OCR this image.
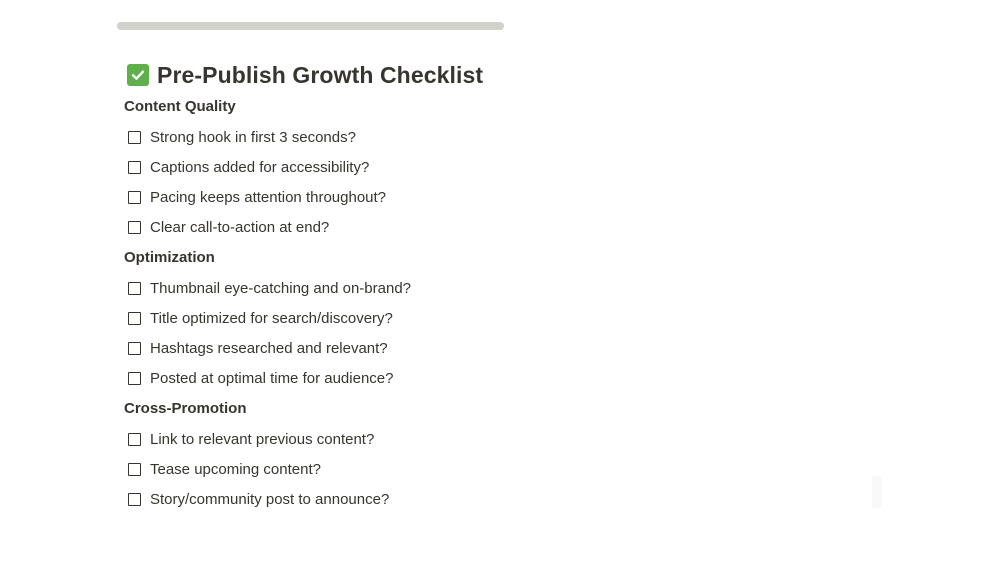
Pre-Publish Growth Checklist
Content Quality
Strong hook in first 3 seconds?
Captions added for accessibility?
Pacing keeps attention throughout?
Clear call-to-action at end?
Optimization
Thumbnail eye-catching and on-brand?
Title optimized for search/discovery?
Hashtags researched and relevant?
Posted at optimal time for audience?
Cross-Promotion
Link to relevant previous content?
Tease upcoming content?
Story/community post to announce?
